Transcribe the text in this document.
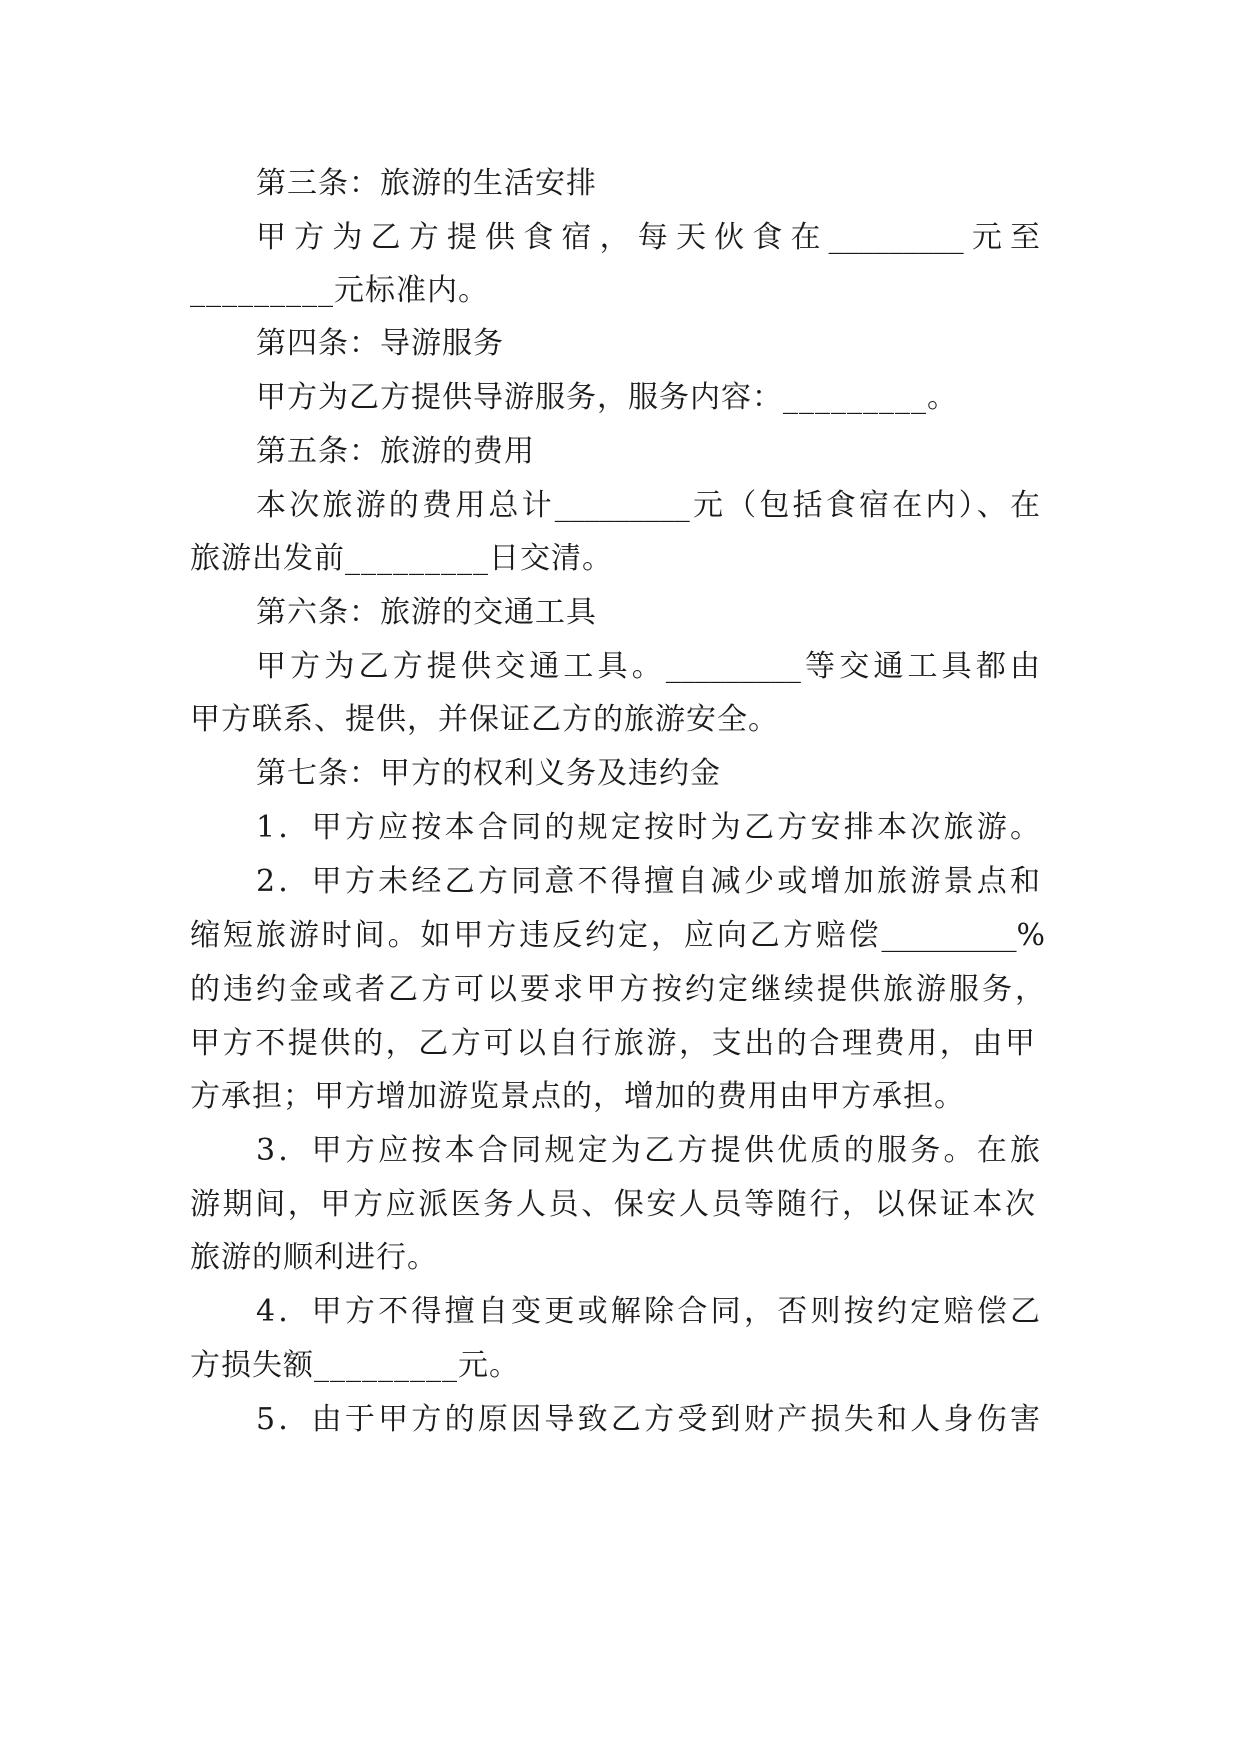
第三条：旅游的生活安排
甲方为乙方提供食宿，每天伙食在_________元至
_________元标准内。
第四条：导游服务
甲方为乙方提供导游服务，服务内容：_________。
第五条：旅游的费用
本次旅游的费用总计_________元（包括食宿在内）、在
旅游出发前_________日交清。
第六条：旅游的交通工具
甲方为乙方提供交通工具。_________等交通工具都由
甲方联系、提供，并保证乙方的旅游安全。
第七条：甲方的权利义务及违约金
1．甲方应按本合同的规定按时为乙方安排本次旅游。
2．甲方未经乙方同意不得擅自减少或增加旅游景点和
缩短旅游时间。如甲方违反约定，应向乙方赔偿_________%
的违约金或者乙方可以要求甲方按约定继续提供旅游服务，
甲方不提供的，乙方可以自行旅游，支出的合理费用，由甲
方承担；甲方增加游览景点的，增加的费用由甲方承担。
3．甲方应按本合同规定为乙方提供优质的服务。在旅
游期间，甲方应派医务人员、保安人员等随行，以保证本次
旅游的顺利进行。
4．甲方不得擅自变更或解除合同，否则按约定赔偿乙
方损失额_________元。
5．由于甲方的原因导致乙方受到财产损失和人身伤害
